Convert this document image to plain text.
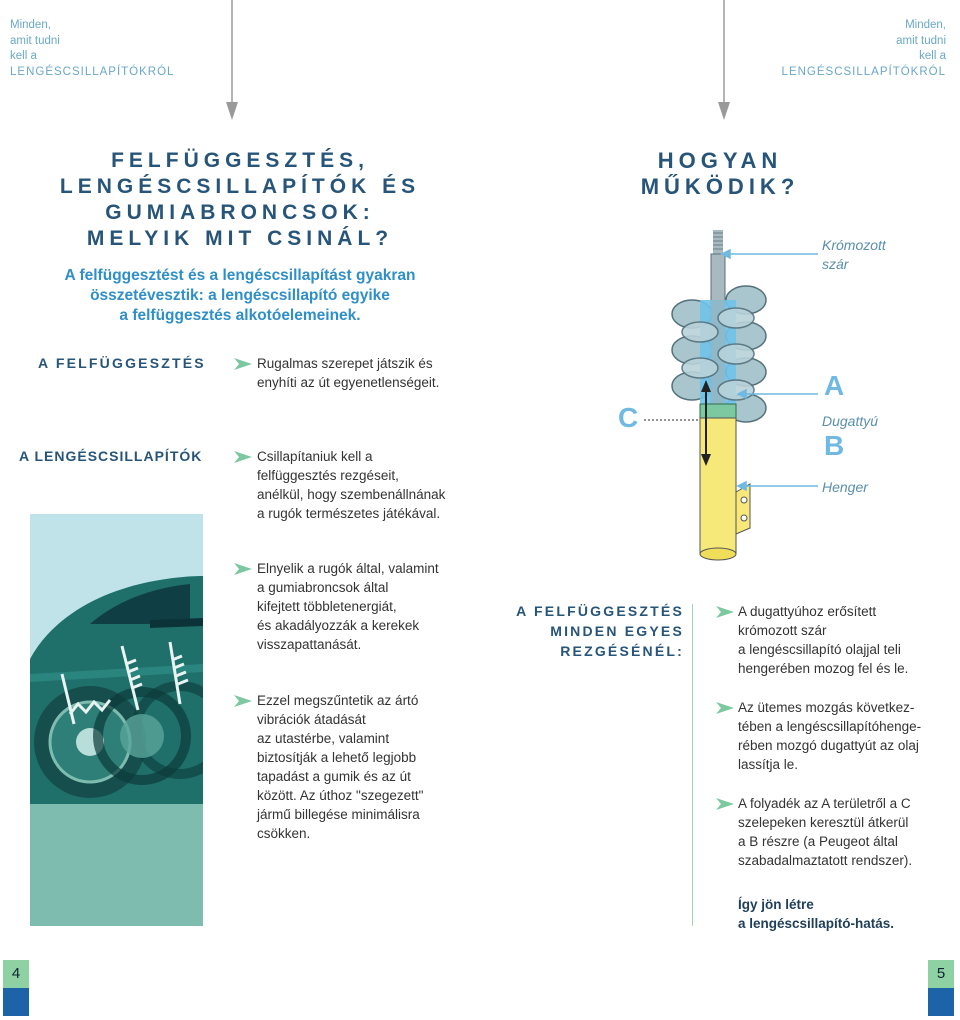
Minden,
amit tudni
kell a
LENGÉSCSILLAPÍTÓKRÓL
Minden,
amit tudni
kell a
LENGÉSCSILLAPÍTÓKRÓL
FELFÜGGESZTÉS,
LENGÉSCSILLAPÍTÓK ÉS
GUMIABRONCSOK:
MELYIK MIT CSINÁL?
A felfüggesztést és a lengéscsillapítást gyakran
összetévesztik: a lengéscsillapító egyike
a felfüggesztés alkotóelemeinek.
A FELFÜGGESZTÉS	Rugalmas szerepet játszik és
enyhíti az út egyenetlenségeit.
A LENGÉSCSILLAPÍTÓK	Csillapítaniuk kell a
felfüggesztés rezgéseit,
anélkül, hogy szembenállnának
a rugók természetes játékával.
Elnyelik a rugók által, valamint
a gumiabroncsok által
kifejtett többletenergiát,
és akadályozzák a kerekek
visszapattanását.
Ezzel megszűntetik az ártó
vibrációk átadását
az utastérbe, valamint
biztosítják a lehető legjobb
tapadást a gumik és az út
között. Az úthoz "szegezett"
jármű billegése minimálisra
csökken.
4
HOGYAN
MŰKÖDIK?
Krómozott
szár
A
Dugattyú
B
Henger
C
A FELFÜGGESZTÉS
MINDEN EGYES
REZGÉSÉNÉL:
A dugattyúhoz erősített
krómozott szár
a lengéscsillapító olajjal teli
hengerében mozog fel és le.
Az ütemes mozgás következ-
tében a lengéscsillapítóhenge-
rében mozgó dugattyút az olaj
lassítja le.
A folyadék az A területről a C
szelepeken keresztül átkerül
a B részre (a Peugeot által
szabadalmaztatott rendszer).
Így jön létre
a lengéscsillapító-hatás.
5
